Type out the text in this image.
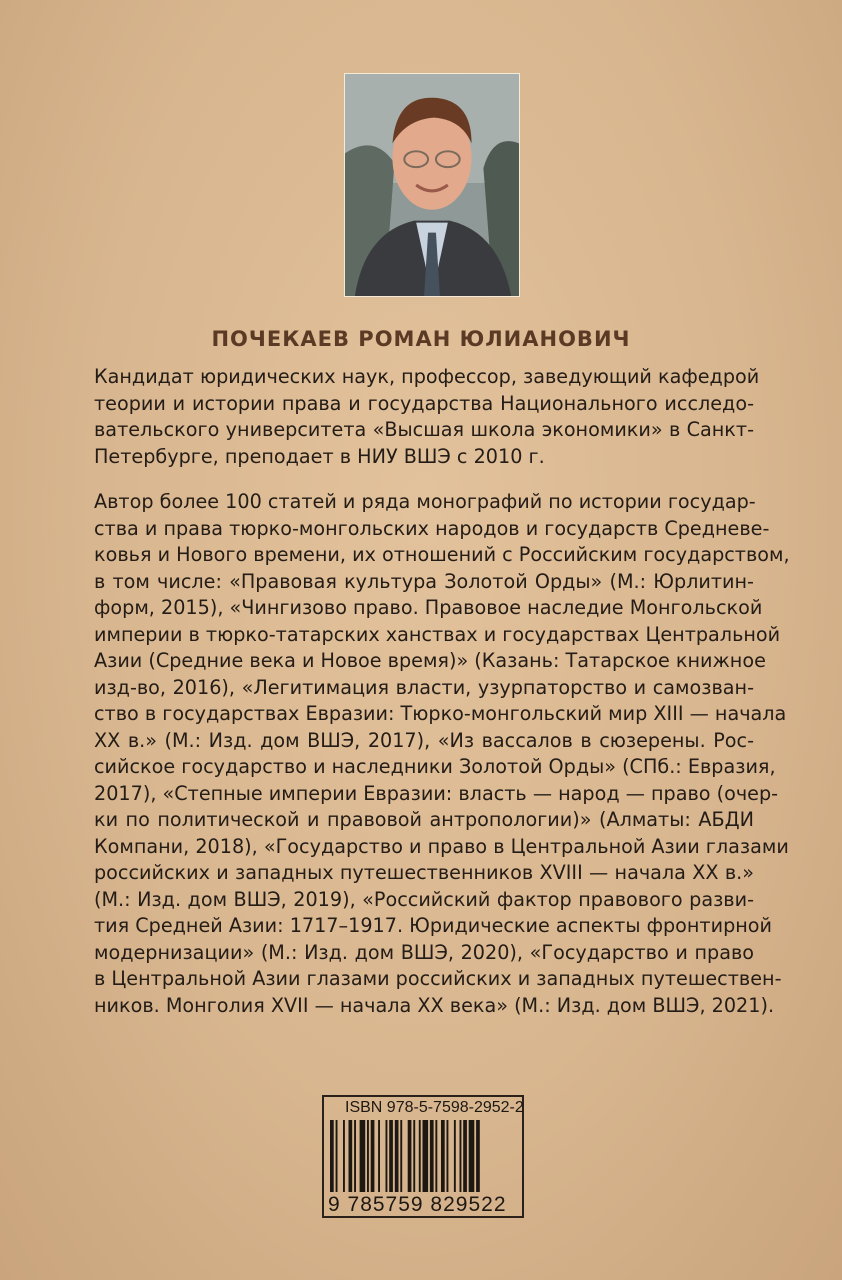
ПОЧЕКАЕВ РОМАН ЮЛИАНОВИЧ

Кандидат юридических наук, профессор, заведующий кафедрой
теории и истории права и государства Национального исследо-
вательского университета «Высшая школа экономики» в Санкт-
Петербурге, преподает в НИУ ВШЭ с 2010 г.

Автор более 100 статей и ряда монографий по истории государ-
ства и права тюрко-монгольских народов и государств Средневе-
ковья и Нового времени, их отношений с Российским государством,
в том числе: «Правовая культура Золотой Орды» (М.: Юрлитин-
форм, 2015), «Чингизово право. Правовое наследие Монгольской
империи в тюрко-татарских ханствах и государствах Центральной
Азии (Средние века и Новое время)» (Казань: Татарское книжное
изд-во, 2016), «Легитимация власти, узурпаторство и самозван-
ство в государствах Евразии: Тюрко-монгольский мир XIII — начала
XX в.» (М.: Изд. дом ВШЭ, 2017), «Из вассалов в сюзерены. Рос-
сийское государство и наследники Золотой Орды» (СПб.: Евразия,
2017), «Степные империи Евразии: власть — народ — право (очер-
ки по политической и правовой антропологии)» (Алматы: АБДИ
Компани, 2018), «Государство и право в Центральной Азии глазами
российских и западных путешественников XVIII — начала XX в.»
(М.: Изд. дом ВШЭ, 2019), «Российский фактор правового разви-
тия Средней Азии: 1717–1917. Юридические аспекты фронтирной
модернизации» (М.: Изд. дом ВШЭ, 2020), «Государство и право
в Центральной Азии глазами российских и западных путешествен-
ников. Монголия XVII — начала XX века» (М.: Изд. дом ВШЭ, 2021).

ISBN 978-5-7598-2952-2
9 785759 829522
